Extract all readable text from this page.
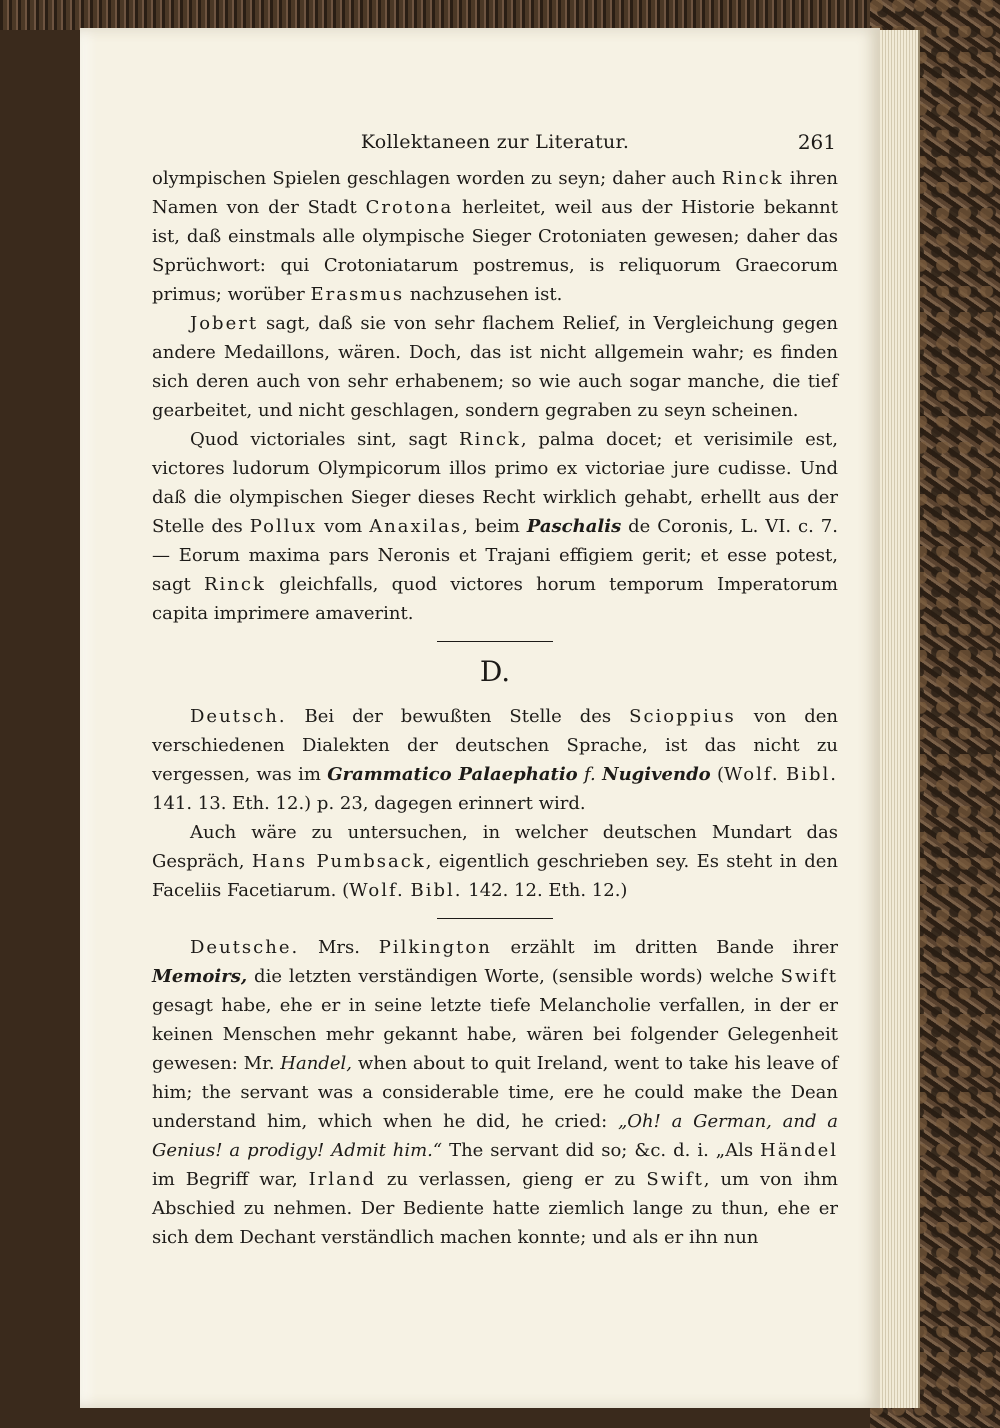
Kollektaneen zur Literatur.	261

olympischen Spielen geschlagen worden zu seyn; daher auch Rinck ihren Namen von der Stadt Crotona herleitet, weil aus der Historie bekannt ist, daß einstmals alle olympische Sieger Crotoniaten gewesen; daher das Sprüchwort: qui Crotoniatarum postremus, is reliquorum Graecorum primus; worüber Erasmus nachzusehen ist.

Jobert sagt, daß sie von sehr flachem Relief, in Vergleichung gegen andere Medaillons, wären. Doch, das ist nicht allgemein wahr; es finden sich deren auch von sehr erhabenem; so wie auch sogar manche, die tief gearbeitet, und nicht geschlagen, sondern gegraben zu seyn scheinen.

Quod victoriales sint, sagt Rinck, palma docet; et verisimile est, victores ludorum Olympicorum illos primo ex victoriae jure cudisse. Und daß die olympischen Sieger dieses Recht wirklich gehabt, erhellt aus der Stelle des Pollux vom Anaxilas, beim Paschalis de Coronis, L. VI. c. 7. — Eorum maxima pars Neronis et Trajani effigiem gerit; et esse potest, sagt Rinck gleichfalls, quod victores horum temporum Imperatorum capita imprimere amaverint.

D.

Deutsch. Bei der bewußten Stelle des Scioppius von den verschiedenen Dialekten der deutschen Sprache, ist das nicht zu vergessen, was im Grammatico Palaephatio f. Nugivendo (Wolf. Bibl. 141. 13. Eth. 12.) p. 23, dagegen erinnert wird.

Auch wäre zu untersuchen, in welcher deutschen Mundart das Gespräch, Hans Pumbsack, eigentlich geschrieben sey. Es steht in den Faceliis Facetiarum. (Wolf. Bibl. 142. 12. Eth. 12.)

Deutsche. Mrs. Pilkington erzählt im dritten Bande ihrer Memoirs, die letzten verständigen Worte, (sensible words) welche Swift gesagt habe, ehe er in seine letzte tiefe Melancholie verfallen, in der er keinen Menschen mehr gekannt habe, wären bei folgender Gelegenheit gewesen: Mr. Handel, when about to quit Ireland, went to take his leave of him; the servant was a considerable time, ere he could make the Dean understand him, which when he did, he cried: „Oh! a German, and a Genius! a prodigy! Admit him.“ The servant did so; &c. d. i. „Als Händel im Begriff war, Irland zu verlassen, gieng er zu Swift, um von ihm Abschied zu nehmen. Der Bediente hatte ziemlich lange zu thun, ehe er sich dem Dechant verständlich machen konnte; und als er ihn nun
